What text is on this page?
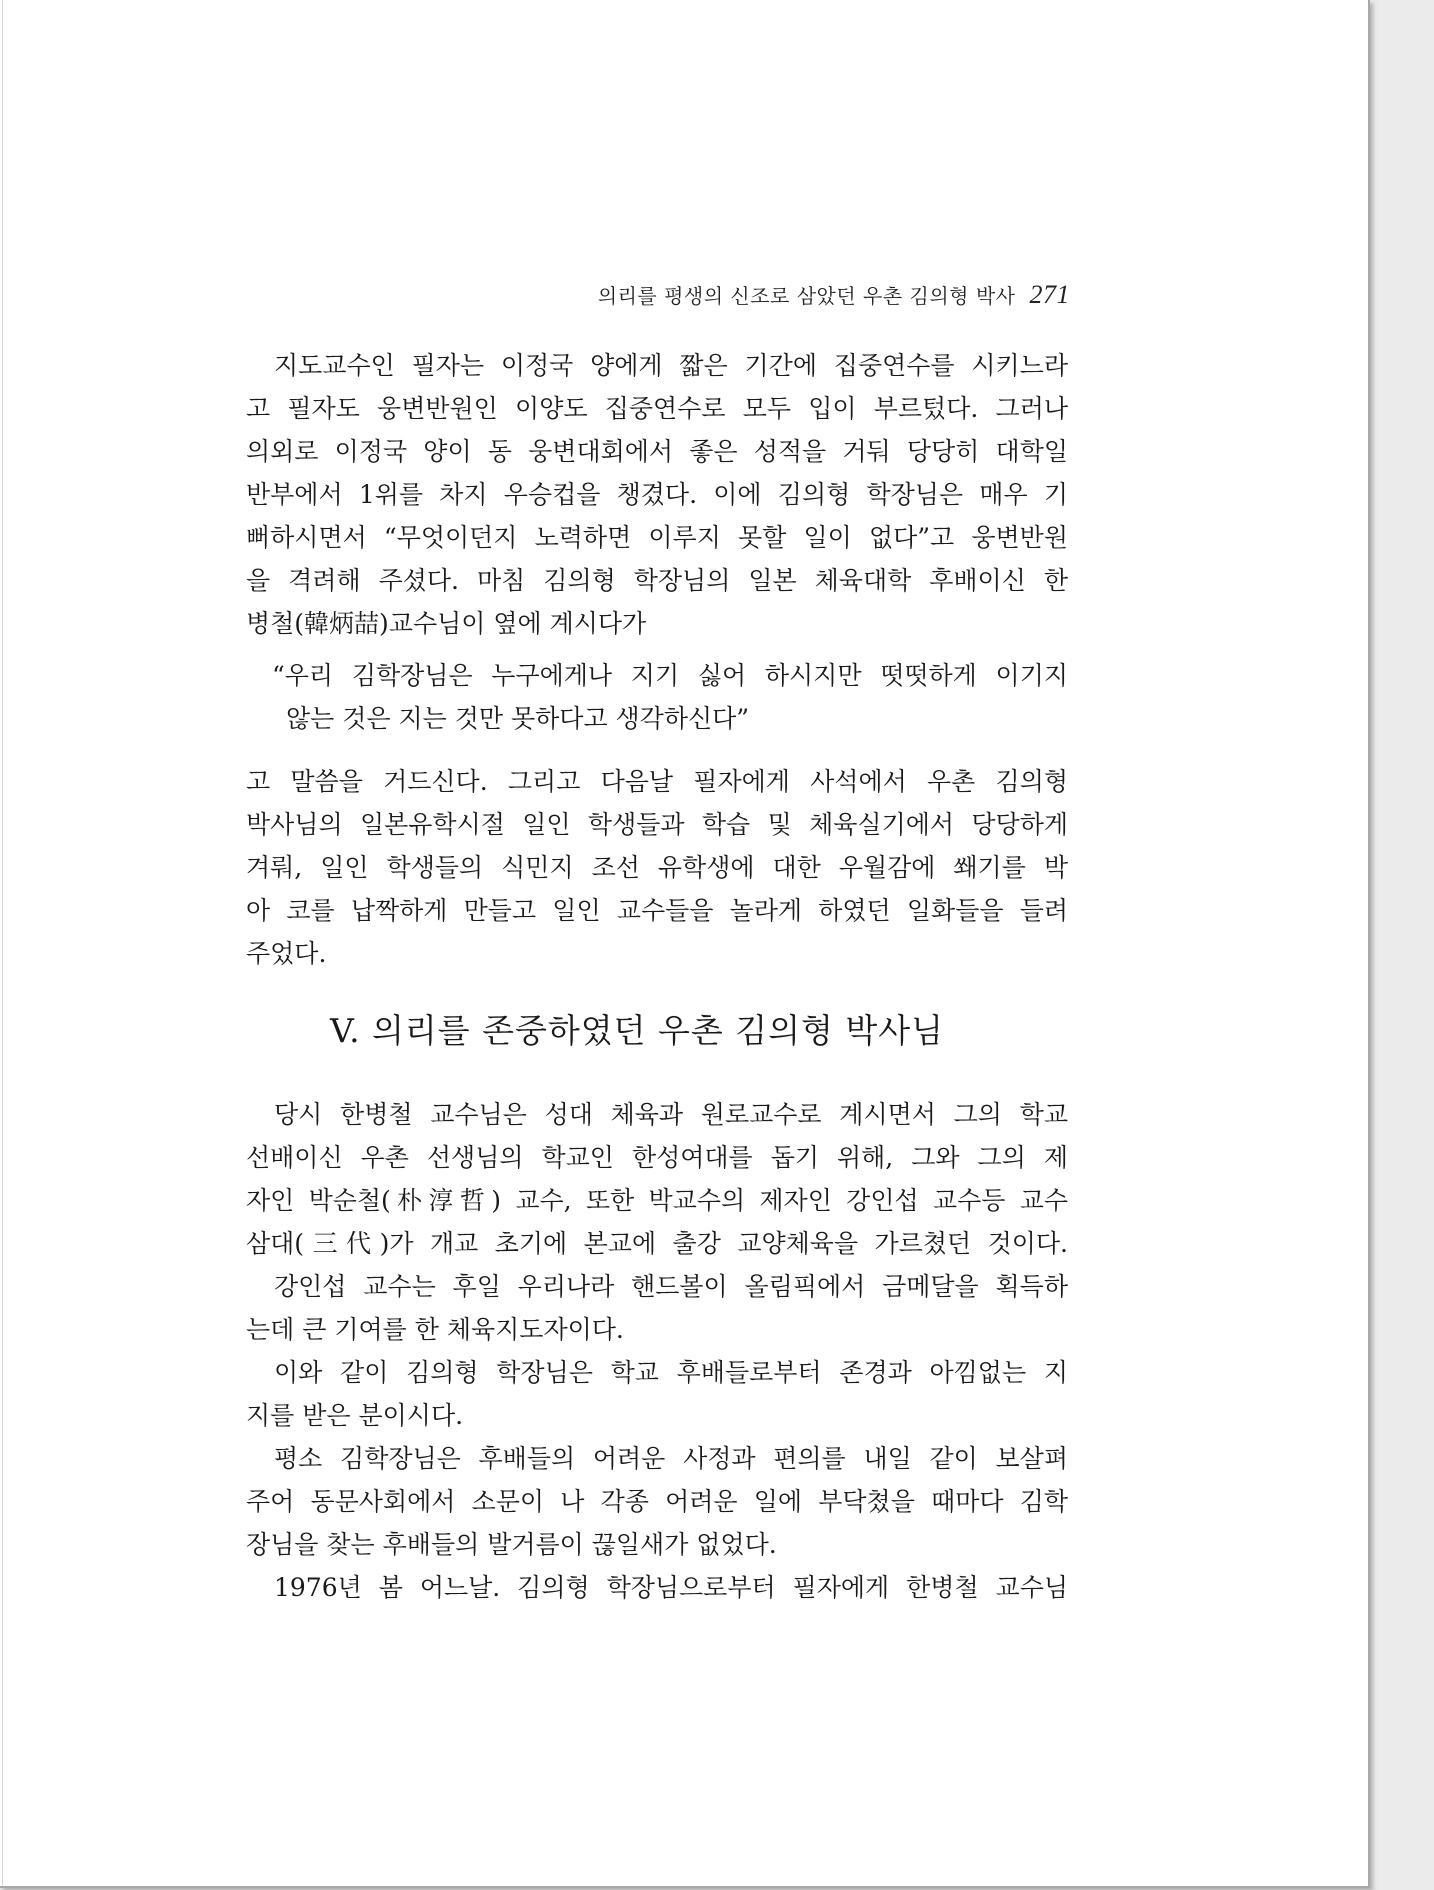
의리를 평생의 신조로 삼았던 우촌 김의형 박사 271
지도교수인 필자는 이정국 양에게 짧은 기간에 집중연수를 시키느라
고 필자도 웅변반원인 이양도 집중연수로 모두 입이 부르텄다. 그러나
의외로 이정국 양이 동 웅변대회에서 좋은 성적을 거둬 당당히 대학일
반부에서 1위를 차지 우승컵을 챙겼다. 이에 김의형 학장님은 매우 기
뻐하시면서 “무엇이던지 노력하면 이루지 못할 일이 없다”고 웅변반원
을 격려해 주셨다. 마침 김의형 학장님의 일본 체육대학 후배이신 한
병철(韓炳喆)교수님이 옆에 계시다가
“우리 김학장님은 누구에게나 지기 싫어 하시지만 떳떳하게 이기지
않는 것은 지는 것만 못하다고 생각하신다”
고 말씀을 거드신다. 그리고 다음날 필자에게 사석에서 우촌 김의형
박사님의 일본유학시절 일인 학생들과 학습 및 체육실기에서 당당하게
겨뤄, 일인 학생들의 식민지 조선 유학생에 대한 우월감에 쐐기를 박
아 코를 납짝하게 만들고 일인 교수들을 놀라게 하였던 일화들을 들려
주었다.
V. 의리를 존중하였던 우촌 김의형 박사님
당시 한병철 교수님은 성대 체육과 원로교수로 계시면서 그의 학교
선배이신 우촌 선생님의 학교인 한성여대를 돕기 위해, 그와 그의 제
자인 박순철(朴淳哲) 교수, 또한 박교수의 제자인 강인섭 교수등 교수
삼대(三代)가 개교 초기에 본교에 출강 교양체육을 가르쳤던 것이다.
강인섭 교수는 후일 우리나라 핸드볼이 올림픽에서 금메달을 획득하
는데 큰 기여를 한 체육지도자이다.
이와 같이 김의형 학장님은 학교 후배들로부터 존경과 아낌없는 지
지를 받은 분이시다.
평소 김학장님은 후배들의 어려운 사정과 편의를 내일 같이 보살펴
주어 동문사회에서 소문이 나 각종 어려운 일에 부닥쳤을 때마다 김학
장님을 찾는 후배들의 발거름이 끊일새가 없었다.
1976년 봄 어느날. 김의형 학장님으로부터 필자에게 한병철 교수님
